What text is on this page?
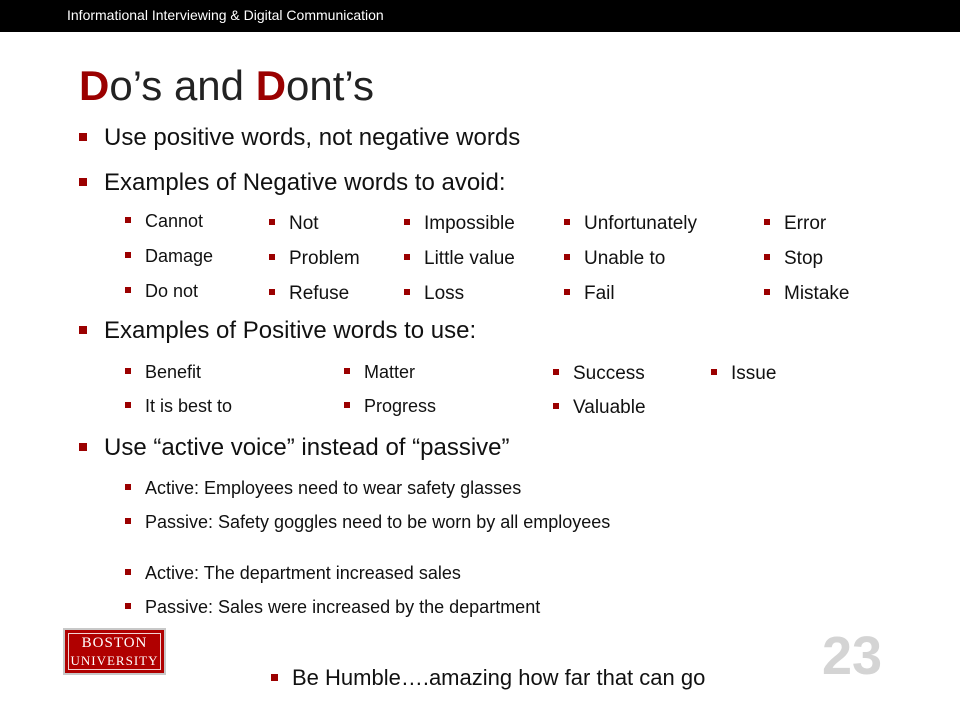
Informational Interviewing & Digital Communication
Do’s and Dont’s
Use positive words, not negative words
Examples of Negative words to avoid:
Examples of Positive words to use:
Use “active voice” instead of “passive”
Cannot
Damage
Do not
Not
Problem
Refuse
Impossible
Little value
Loss
Unfortunately
Unable to
Fail
Error
Stop
Mistake
Benefit
It is best to
Matter
Progress
Success
Valuable
Issue
Active: Employees need to wear safety glasses
Passive: Safety goggles need to be worn by all employees
Active: The department increased sales
Passive: Sales were increased by the department
BOSTON
UNIVERSITY	23
Be Humble….amazing how far that can go
